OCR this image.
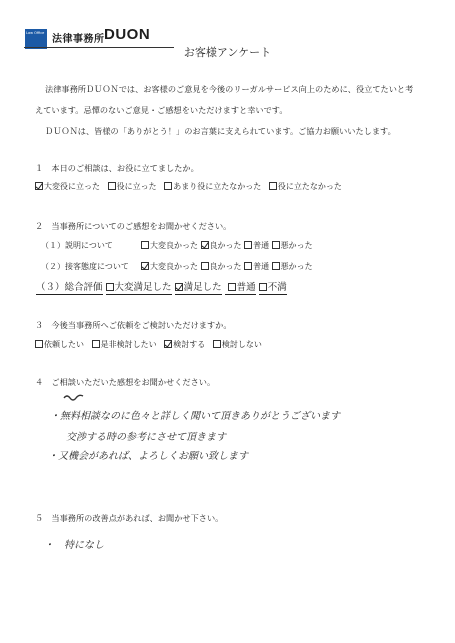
Law Office
法律事務所 DUON
お客様アンケート
法律事務所ＤＵＯＮでは、お客様のご意見を今後のリーガルサービス向上のために、役立てたいと考
えています。忌憚のないご意見・ご感想をいただけますと幸いです。
ＤＵＯＮは、皆様の「ありがとう！」のお言葉に支えられています。ご協力お願いいたします。
１　本日のご相談は、お役に立てましたか。
大変役に立った 役に立った あまり役に立たなかった 役に立たなかった
２　当事務所についてのご感想をお聞かせください。
（１）説明について	大変良かった 良かった 普通 悪かった
（２）接客態度について	大変良かった 良かった 普通 悪かった
（３）総合評価 大変満足した 満足した 普通 不満
３　今後当事務所へご依頼をご検討いただけますか。
依頼したい 是非検討したい 検討する 検討しない
４　ご相談いただいた感想をお聞かせください。
・無料相談なのに色々と詳しく聞いて頂きありがとうございます
　交渉する時の参考にさせて頂きます
・又機会があれば、よろしくお願い致します
５　当事務所の改善点があれば、お聞かせ下さい。
・　特になし
